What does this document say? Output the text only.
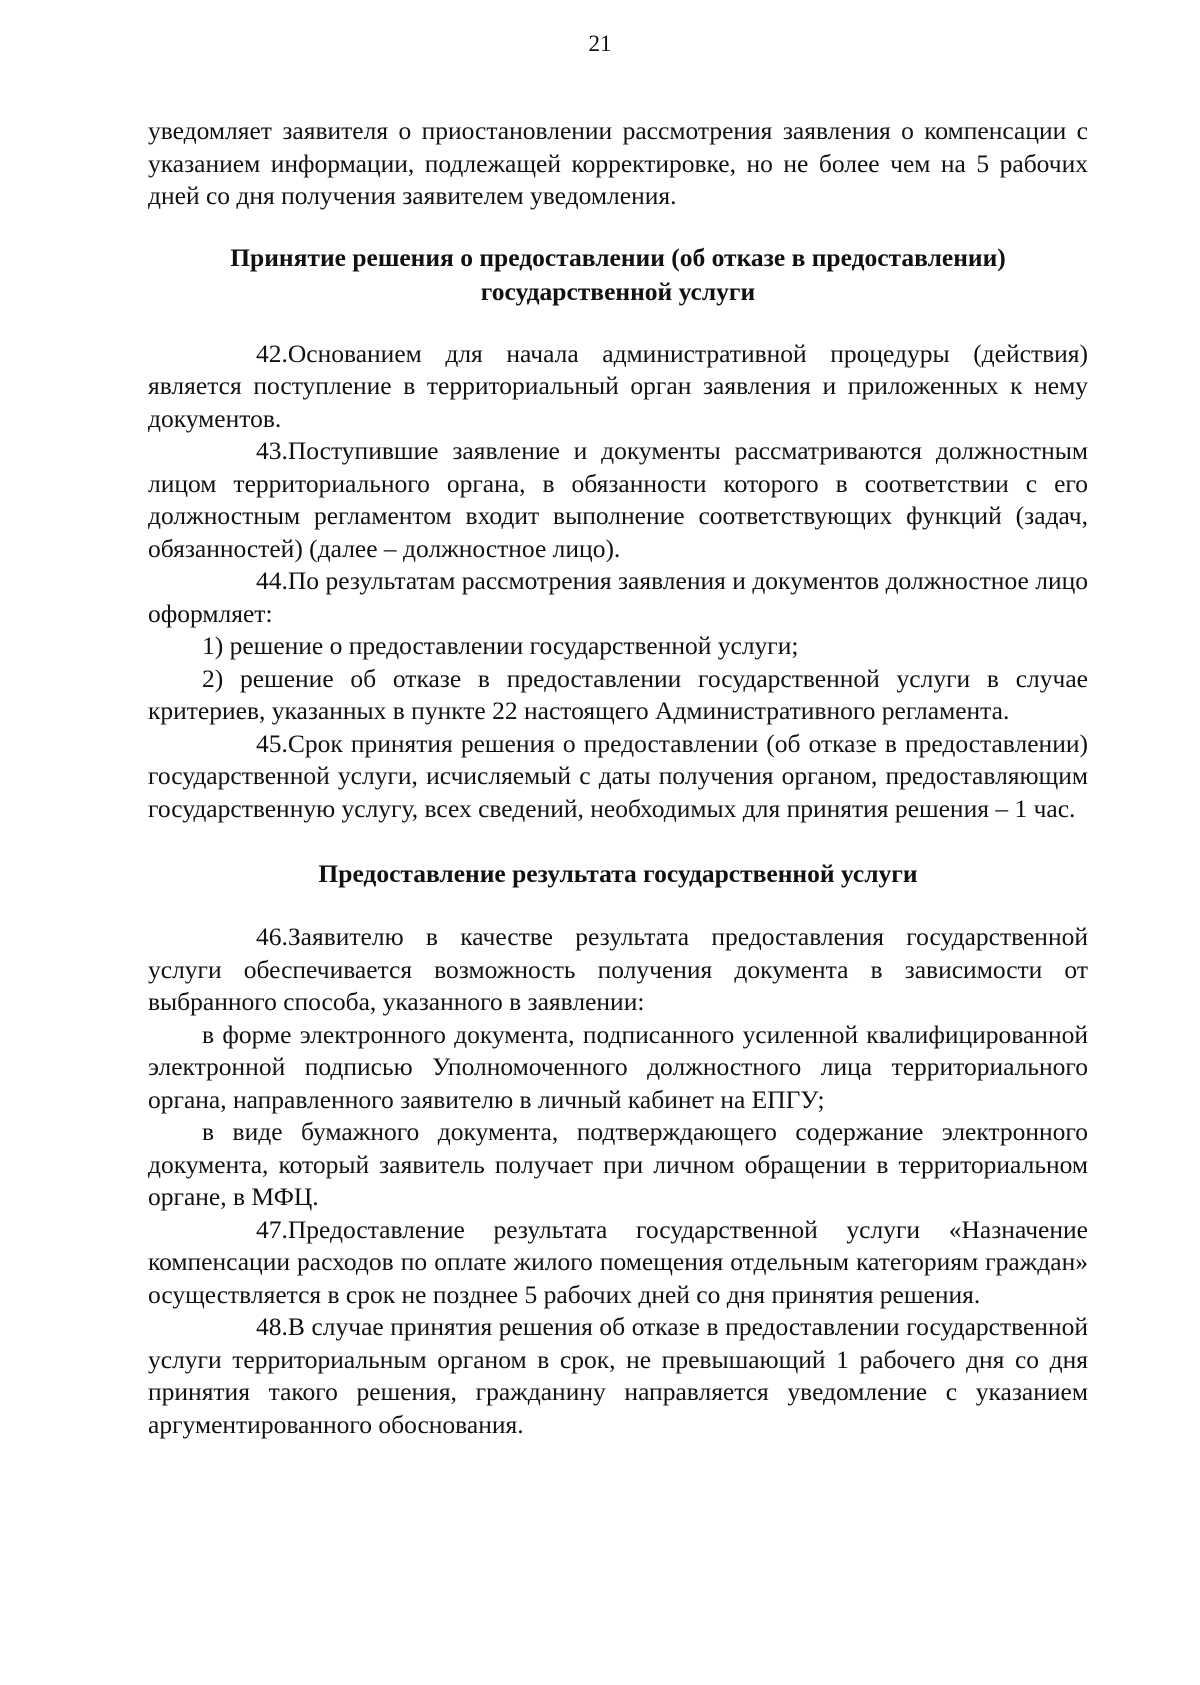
21

уведомляет заявителя о приостановлении рассмотрения заявления о компенсации с указанием информации, подлежащей корректировке, но не более чем на 5 рабочих дней со дня получения заявителем уведомления.

Принятие решения о предоставлении (об отказе в предоставлении)
государственной услуги

42.Основанием для начала административной процедуры (действия) является поступление в территориальный орган заявления и приложенных к нему документов.

43.Поступившие заявление и документы рассматриваются должностным лицом территориального органа, в обязанности которого в соответствии с его должностным регламентом входит выполнение соответствующих функций (задач, обязанностей) (далее – должностное лицо).

44.По результатам рассмотрения заявления и документов должностное лицо оформляет:

1) решение о предоставлении государственной услуги;

2) решение об отказе в предоставлении государственной услуги в случае критериев, указанных в пункте 22 настоящего Административного регламента.

45.Срок принятия решения о предоставлении (об отказе в предоставлении) государственной услуги, исчисляемый с даты получения органом, предоставляющим государственную услугу, всех сведений, необходимых для принятия решения – 1 час.

Предоставление результата государственной услуги

46.Заявителю в качестве результата предоставления государственной услуги обеспечивается возможность получения документа в зависимости от выбранного способа, указанного в заявлении:

в форме электронного документа, подписанного усиленной квалифицированной электронной подписью Уполномоченного должностного лица территориального органа, направленного заявителю в личный кабинет на ЕПГУ;

в виде бумажного документа, подтверждающего содержание электронного документа, который заявитель получает при личном обращении в территориальном органе, в МФЦ.

47.Предоставление результата государственной услуги «Назначение компенсации расходов по оплате жилого помещения отдельным категориям граждан» осуществляется в срок не позднее 5 рабочих дней со дня принятия решения.

48.В случае принятия решения об отказе в предоставлении государственной услуги территориальным органом в срок, не превышающий 1 рабочего дня со дня принятия такого решения, гражданину направляется уведомление с указанием аргументированного обоснования.
